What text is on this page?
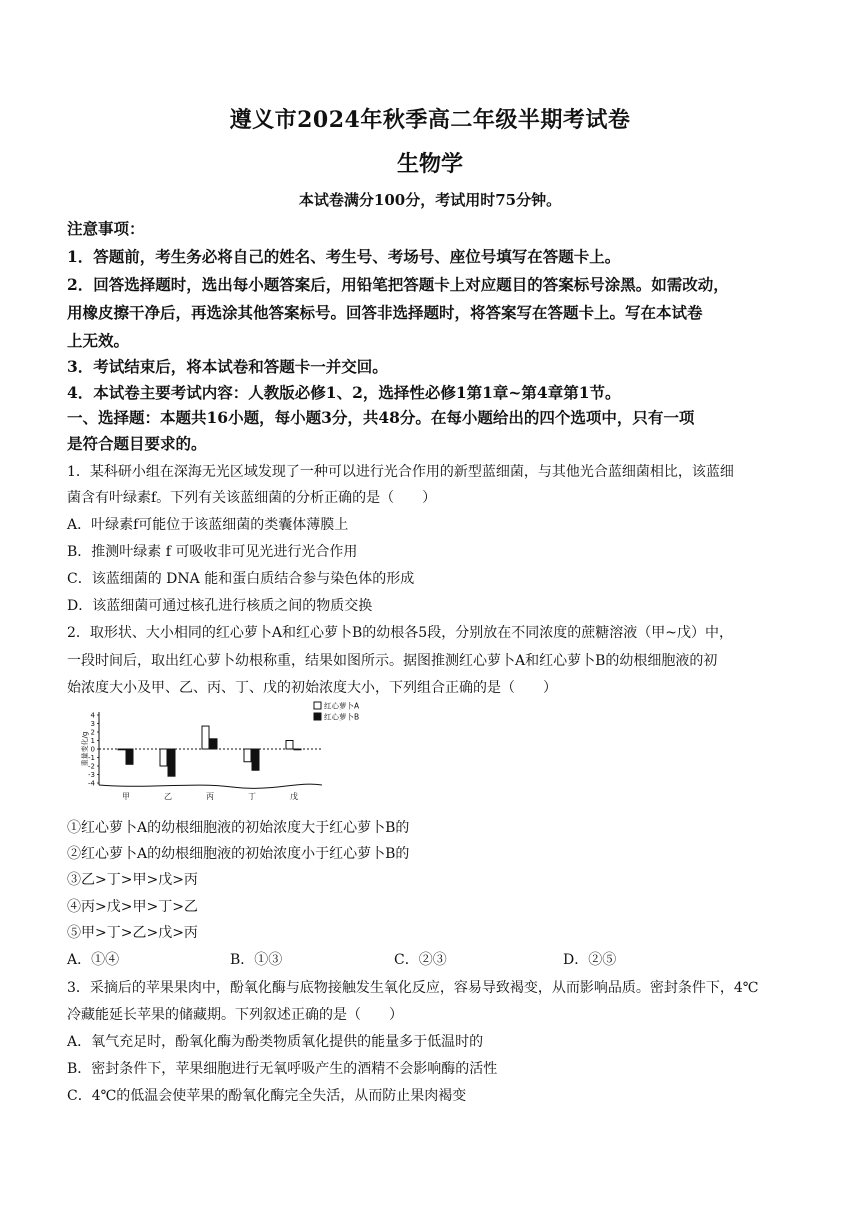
遵义市2024年秋季高二年级半期考试卷
生物学
本试卷满分100分，考试用时75分钟。
注意事项：
1．答题前，考生务必将自己的姓名、考生号、考场号、座位号填写在答题卡上。
2．回答选择题时，选出每小题答案后，用铅笔把答题卡上对应题目的答案标号涂黑。如需改动，
用橡皮擦干净后，再选涂其他答案标号。回答非选择题时，将答案写在答题卡上。写在本试卷
上无效。
3．考试结束后，将本试卷和答题卡一并交回。
4．本试卷主要考试内容：人教版必修1、2，选择性必修1第1章~第4章第1节。
一、选择题：本题共16小题，每小题3分，共48分。在每小题给出的四个选项中，只有一项
是符合题目要求的。
1．某科研小组在深海无光区域发现了一种可以进行光合作用的新型蓝细菌，与其他光合蓝细菌相比，该蓝细
菌含有叶绿素f。下列有关该蓝细菌的分析正确的是（　　）
A．叶绿素f可能位于该蓝细菌的类囊体薄膜上
B．推测叶绿素 f 可吸收非可见光进行光合作用
C．该蓝细菌的 DNA 能和蛋白质结合参与染色体的形成
D．该蓝细菌可通过核孔进行核质之间的物质交换
2．取形状、大小相同的红心萝卜A和红心萝卜B的幼根各5段，分别放在不同浓度的蔗糖溶液（甲~戊）中，
一段时间后，取出红心萝卜幼根称重，结果如图所示。据图推测红心萝卜A和红心萝卜B的幼根细胞液的初
始浓度大小及甲、乙、丙、丁、戊的初始浓度大小，下列组合正确的是（　　）
重量变化/g
4
3
2
1
0
-1
-2
-3
-4
甲	乙	丙	丁	戊
红心萝卜A
红心萝卜B
①红心萝卜A的幼根细胞液的初始浓度大于红心萝卜B的
②红心萝卜A的幼根细胞液的初始浓度小于红心萝卜B的
③乙>丁>甲>戊>丙
④丙>戊>甲>丁>乙
⑤甲>丁>乙>戊>丙
A．①④	B．①③	C．②③	D．②⑤
3．采摘后的苹果果肉中，酚氧化酶与底物接触发生氧化反应，容易导致褐变，从而影响品质。密封条件下，4℃
冷藏能延长苹果的储藏期。下列叙述正确的是（　　）
A．氧气充足时，酚氧化酶为酚类物质氧化提供的能量多于低温时的
B．密封条件下，苹果细胞进行无氧呼吸产生的酒精不会影响酶的活性
C．4℃的低温会使苹果的酚氧化酶完全失活，从而防止果肉褐变
